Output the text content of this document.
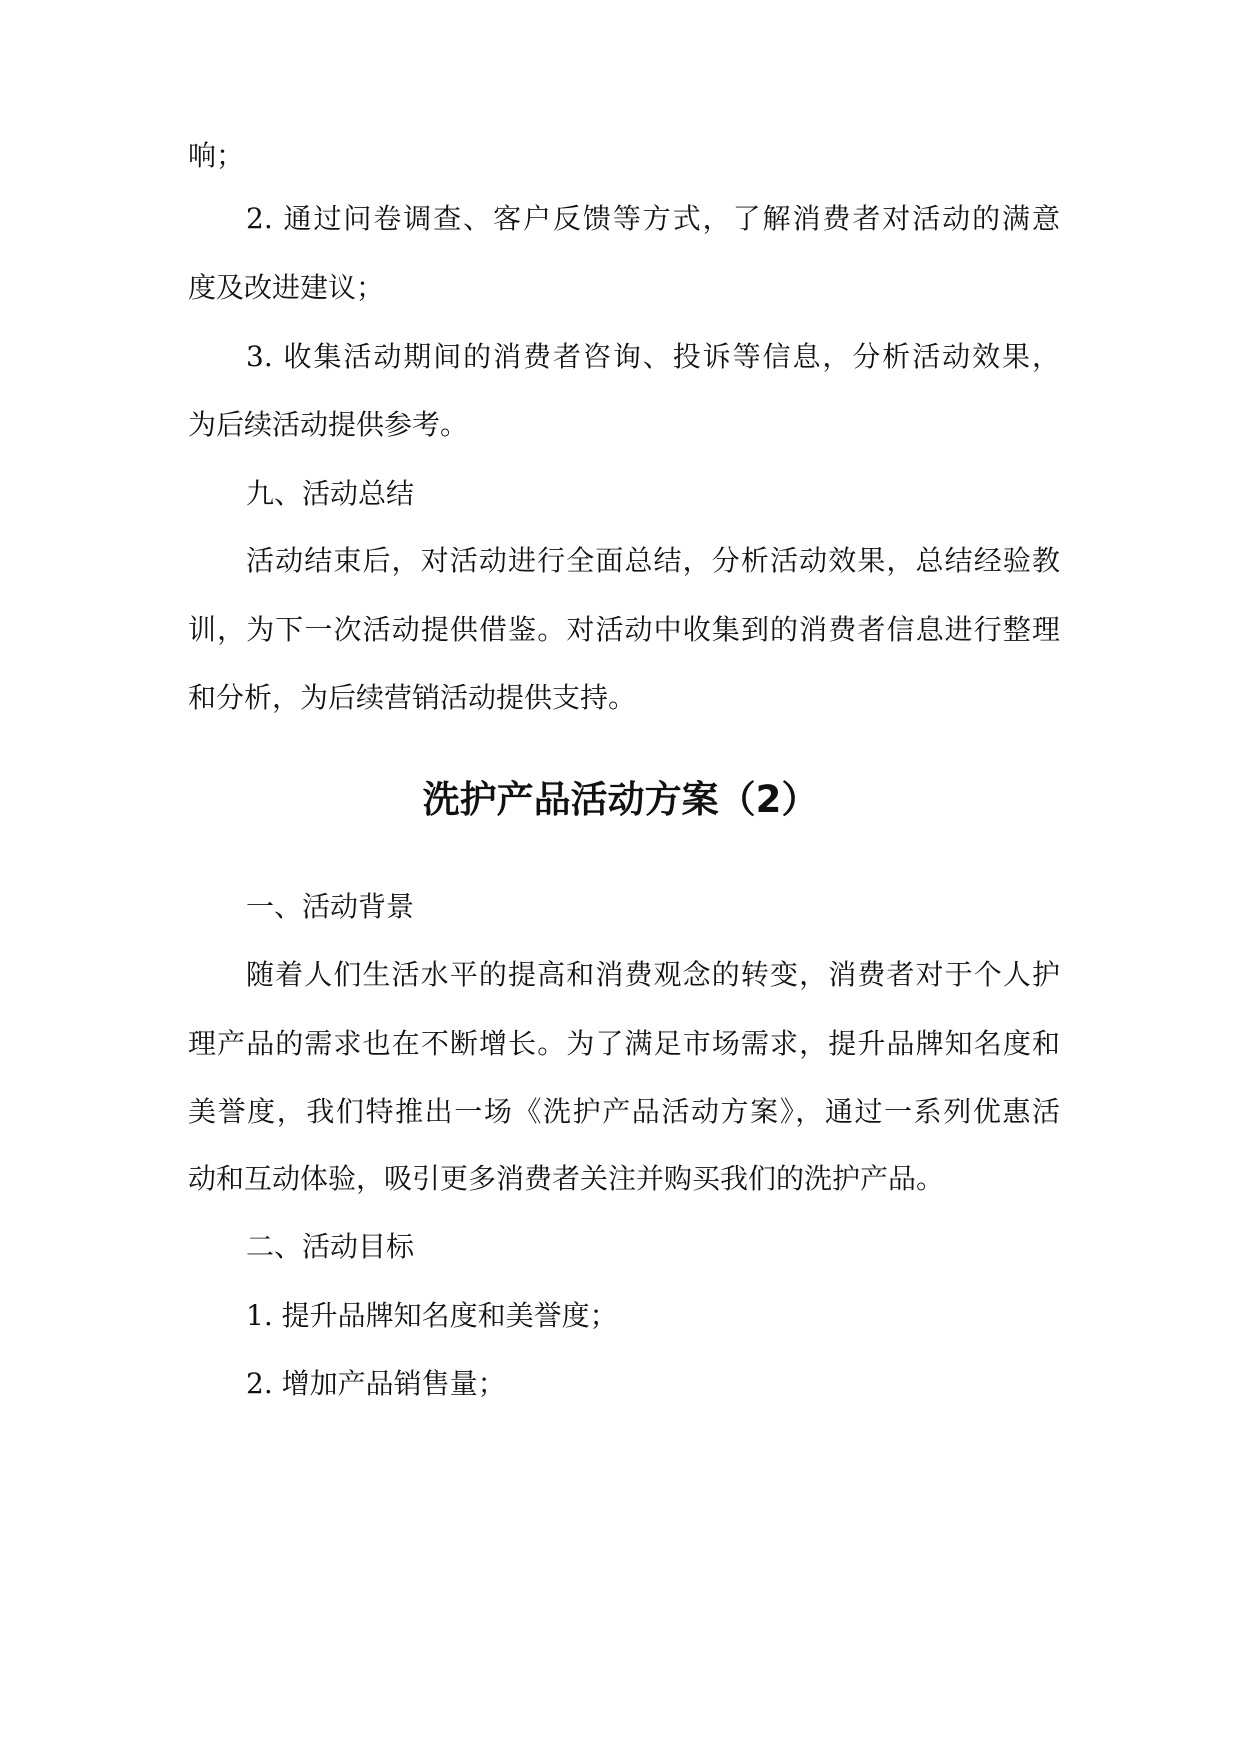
响；

2. 通过问卷调查、客户反馈等方式，了解消费者对活动的满意

度及改进建议；

3. 收集活动期间的消费者咨询、投诉等信息，分析活动效果，

为后续活动提供参考。

九、活动总结

活动结束后，对活动进行全面总结，分析活动效果，总结经验教

训，为下一次活动提供借鉴。对活动中收集到的消费者信息进行整理

和分析，为后续营销活动提供支持。

洗护产品活动方案（2）

一、活动背景

随着人们生活水平的提高和消费观念的转变，消费者对于个人护

理产品的需求也在不断增长。为了满足市场需求，提升品牌知名度和

美誉度，我们特推出一场《洗护产品活动方案》，通过一系列优惠活

动和互动体验，吸引更多消费者关注并购买我们的洗护产品。

二、活动目标

1. 提升品牌知名度和美誉度；

2. 增加产品销售量；
